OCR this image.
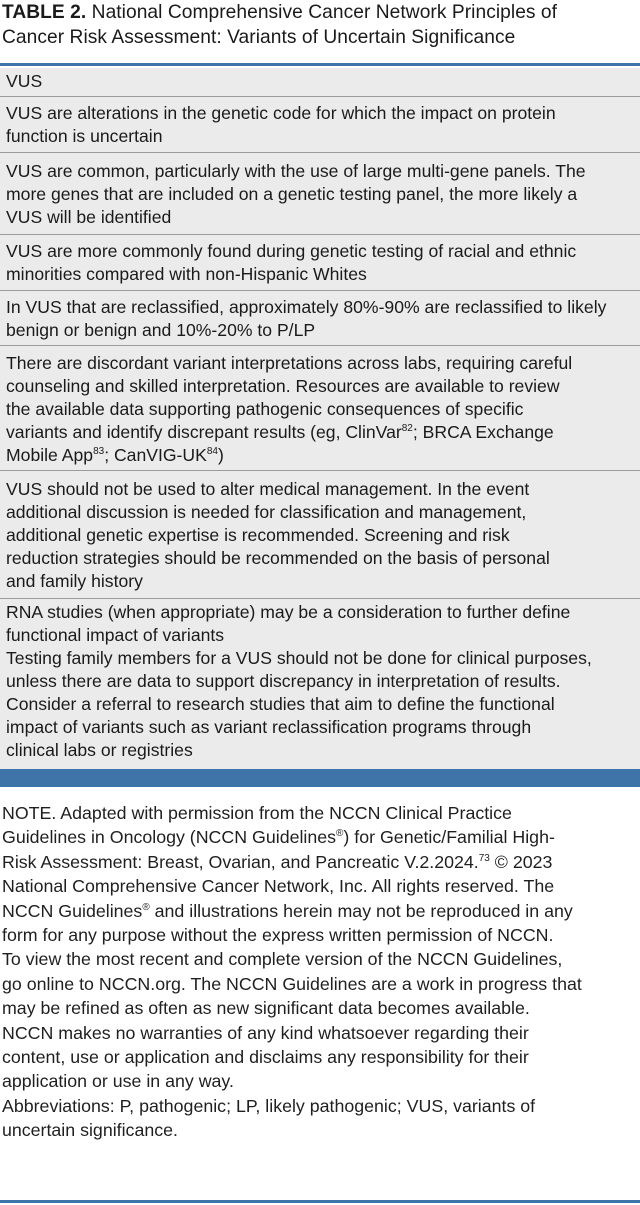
TABLE 2. National Comprehensive Cancer Network Principles of
Cancer Risk Assessment: Variants of Uncertain Significance
VUS
VUS are alterations in the genetic code for which the impact on protein
function is uncertain
VUS are common, particularly with the use of large multi-gene panels. The
more genes that are included on a genetic testing panel, the more likely a
VUS will be identified
VUS are more commonly found during genetic testing of racial and ethnic
minorities compared with non-Hispanic Whites
In VUS that are reclassified, approximately 80%-90% are reclassified to likely
benign or benign and 10%-20% to P/LP
There are discordant variant interpretations across labs, requiring careful
counseling and skilled interpretation. Resources are available to review
the available data supporting pathogenic consequences of specific
variants and identify discrepant results (eg, ClinVar$^{82}$; BRCA Exchange
Mobile App$^{83}$; CanVIG-UK$^{84}$)
VUS should not be used to alter medical management. In the event
additional discussion is needed for classification and management,
additional genetic expertise is recommended. Screening and risk
reduction strategies should be recommended on the basis of personal
and family history
RNA studies (when appropriate) may be a consideration to further define
functional impact of variants
Testing family members for a VUS should not be done for clinical purposes,
unless there are data to support discrepancy in interpretation of results.
Consider a referral to research studies that aim to define the functional
impact of variants such as variant reclassification programs through
clinical labs or registries

NOTE. Adapted with permission from the NCCN Clinical Practice
Guidelines in Oncology (NCCN Guidelines®) for Genetic/Familial High-
Risk Assessment: Breast, Ovarian, and Pancreatic V.2.2024.73 © 2023
National Comprehensive Cancer Network, Inc. All rights reserved. The
NCCN Guidelines® and illustrations herein may not be reproduced in any
form for any purpose without the express written permission of NCCN.
To view the most recent and complete version of the NCCN Guidelines,
go online to NCCN.org. The NCCN Guidelines are a work in progress that
may be refined as often as new significant data becomes available.
NCCN makes no warranties of any kind whatsoever regarding their
content, use or application and disclaims any responsibility for their
application or use in any way.

Abbreviations: P, pathogenic; LP, likely pathogenic; VUS, variants of
uncertain significance.
